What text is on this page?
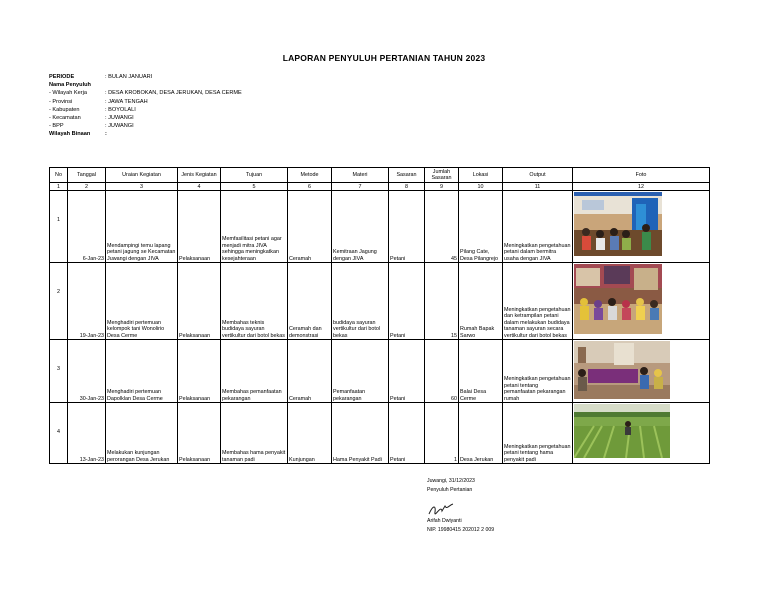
LAPORAN PENYULUH PERTANIAN TAHUN 2023
PERIODE	: BULAN JANUARI
Nama Penyuluh
- Wilayah Kerja	: DESA KROBOKAN, DESA JERUKAN, DESA CERME
- Provinsi	: JAWA TENGAH
- Kabupaten	: BOYOLALI
- Kecamatan	: JUWANGI
- BPP	: JUWANGI
Wilayah Binaan	:
No	Tanggal	Uraian Kegiatan	Jenis Kegiatan	Tujuan	Metode	Materi	Sasaran	Jumlah Sasaran	Lokasi	Output	Foto
1	2	3	4	5	6	7	8	9	10	11	12
1	6-Jan-23	Mendampingi temu lapang petani jagung se Kecamatan Juwangi dengan JIVA	Pelaksanaan	Memfasilitasi petani agar menjadi mitra JIVA sehingga meningkatkan kesejahteraan	Ceramah	Kemitraan Jagung dengan JIVA	Petani	45	Pilang Cate, Desa Pilangrejo	Meningkatkan pengetahuan petani dalam bermitra usaha dengan JIVA	

2	19-Jan-23	Menghadiri pertemuan kelompok tani Wonolirio Desa Cerme	Pelaksanaan	Membahas teknis budidaya sayuran vertikultur dari botol bekas	Ceramah dan demonstrasi	budidaya sayuran vertikultur dari botol bekas	Petani	15	Rumah Bapak Sarwo	Meningkatkan pengetahuan dan ketrampilan petani dalam melakukan budidaya tanaman sayuran secara vertikultur dari botol bekas	

3	30-Jan-23	Menghadiri pertemuan Dapolklan Desa Cerme	Pelaksanaan	Membahas pemanfaatan pekarangan	Ceramah	Pemanfaatan pekarangan	Petani	60	Balai Desa Cerme	Meningkatkan pengetahuan petani tentang pemanfaatan pekarangan rumah	

4	13-Jan-23	Melakukan kunjungan perorangan Desa Jerukan	Pelaksanaan	Membahas hama penyakit tanaman padi	Kunjungan	Hama Penyakit Padi	Petani	1	Desa Jerukan	Meningkatkan pengetahuan petani tentang hama penyakit padi	
Juwangi, 31/12/2023
Penyuluh Pertanian
Arifah Dwiyanti
NIP. 19980415 202012 2 009
